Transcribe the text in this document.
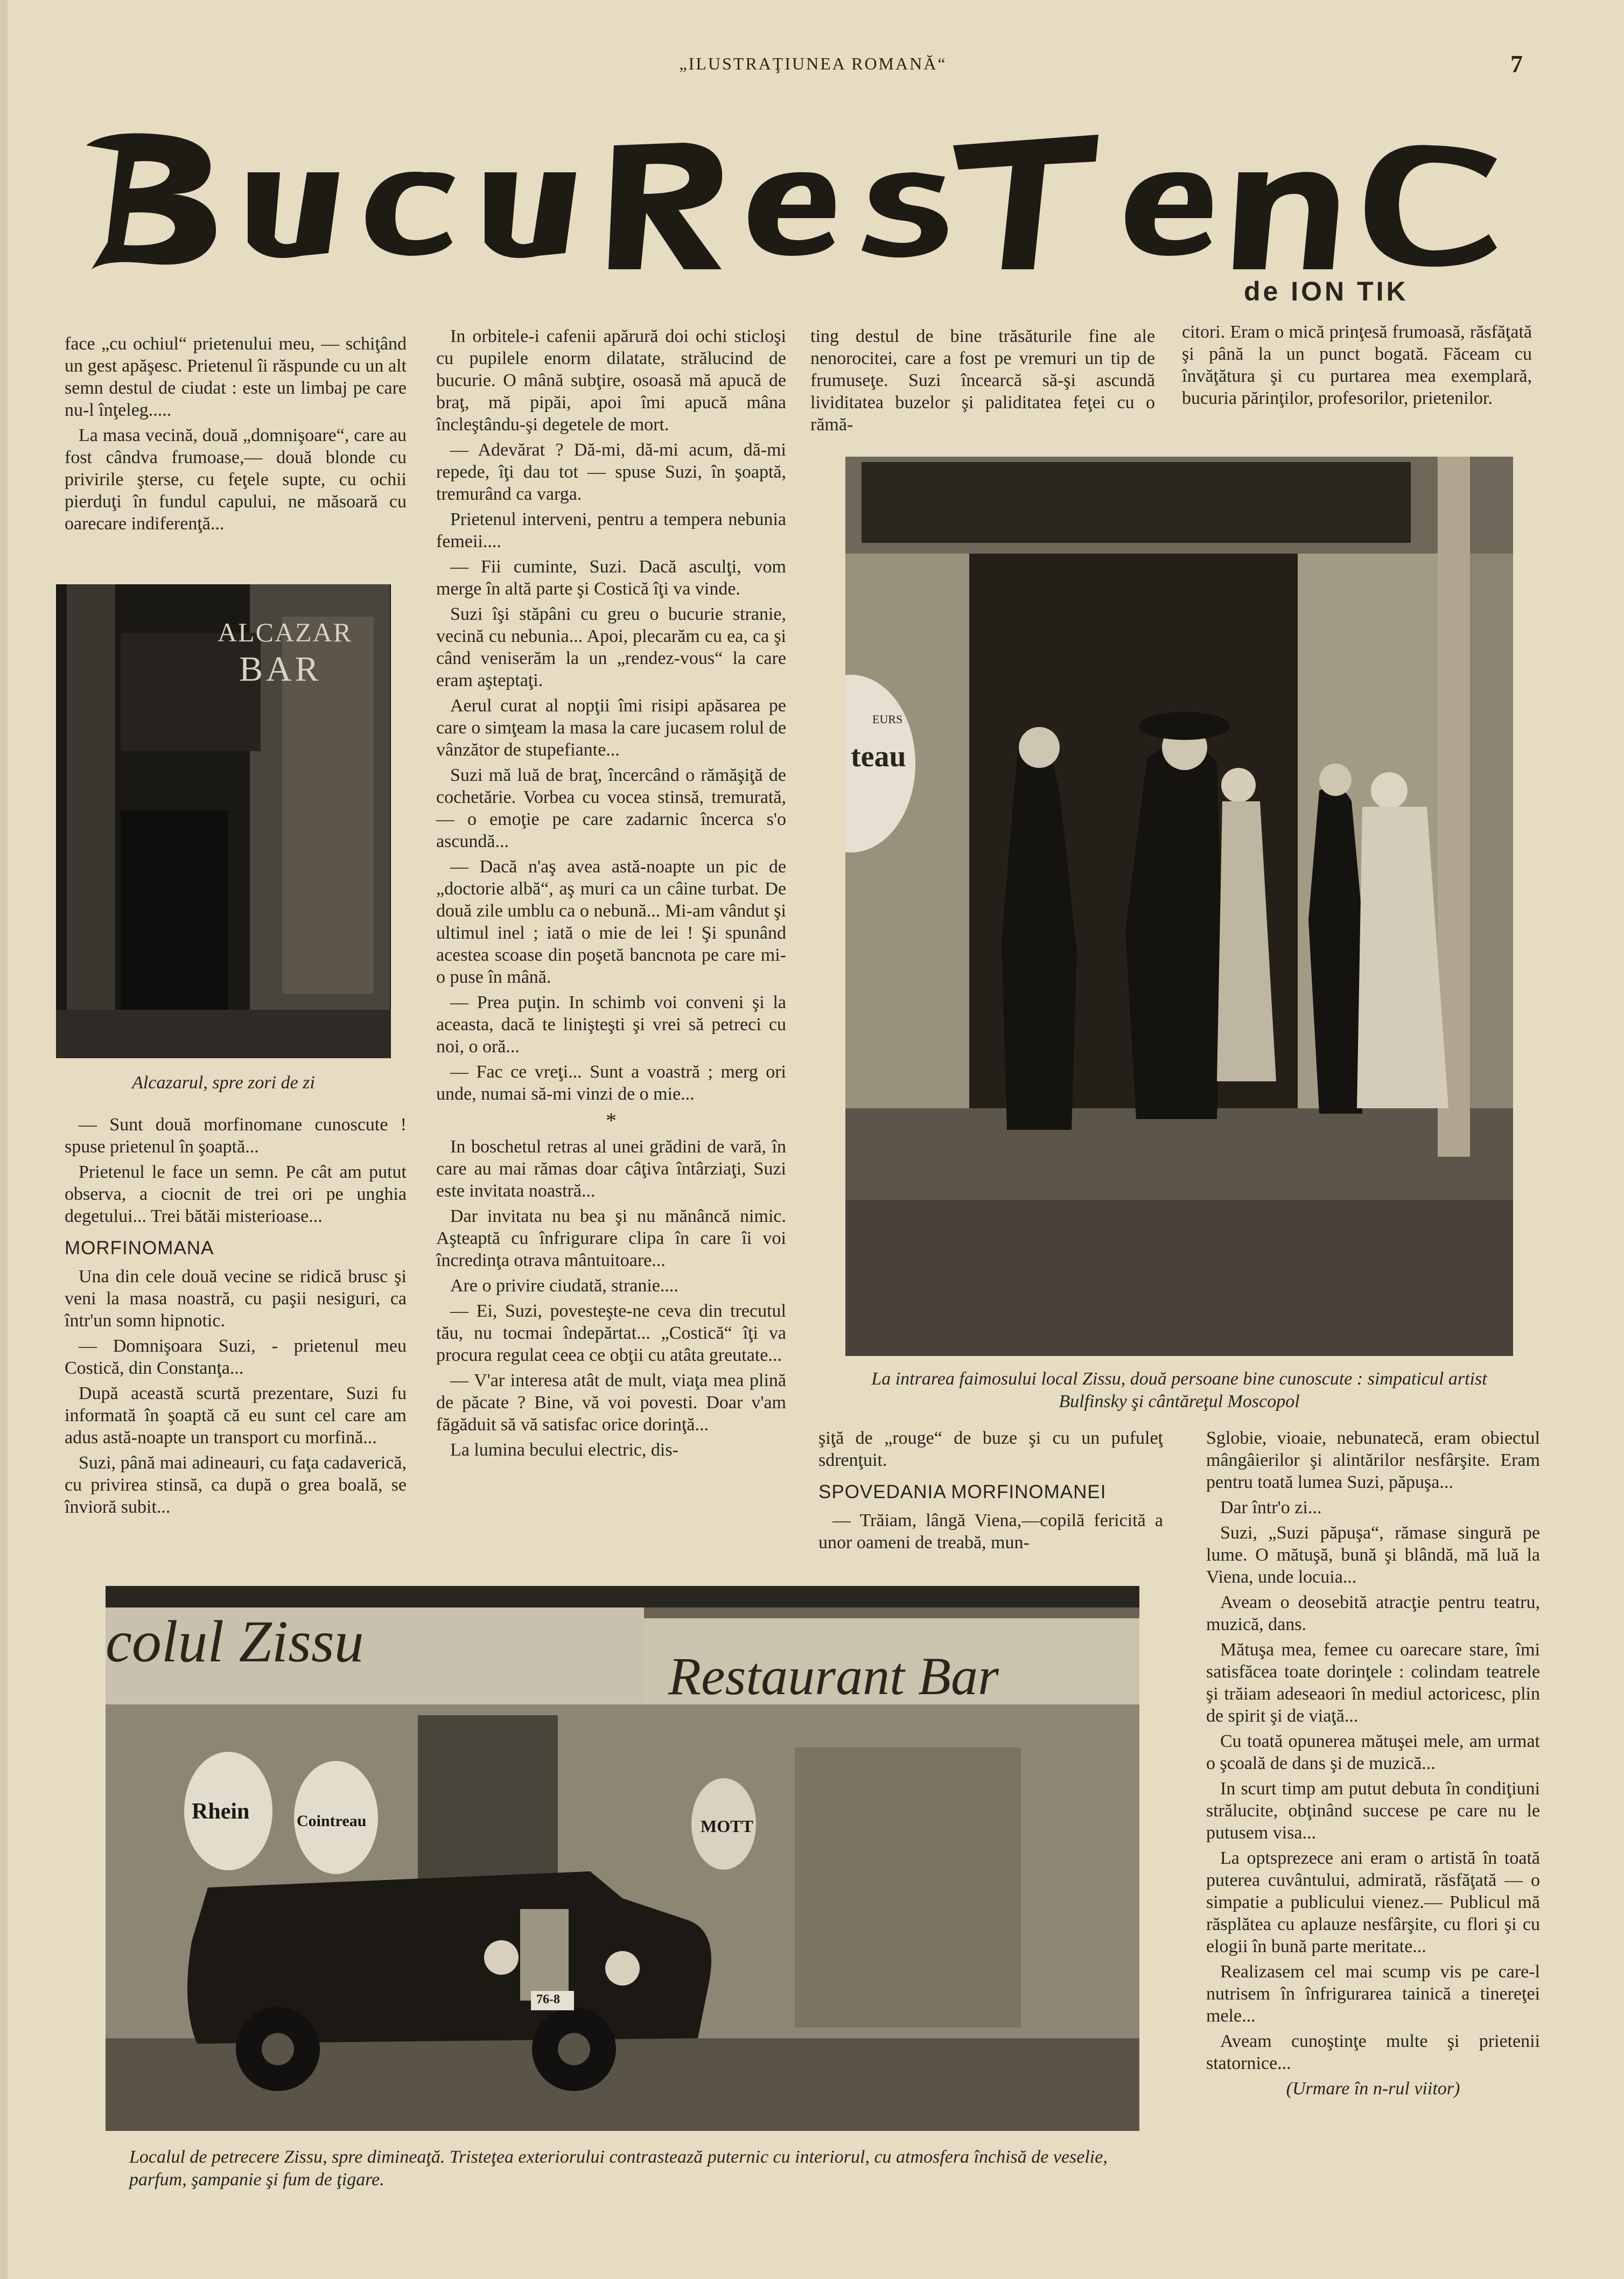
„ILUSTRAŢIUNEA ROMANĂ“	7
de ION TIK

face „cu ochiul“ prietenului meu, — schiţând un gest apăşesc. Prietenul îi răspunde cu un alt semn destul de ciudat : este un limbaj pe care nu-l înţeleg.....

La masa vecină, două „domnişoare“, care au fost cândva frumoase,— două blonde cu privirile şterse, cu feţele supte, cu ochii pierduţi în fundul capului, ne măsoară cu oarecare indiferenţă...

ALCAZAR
BAR
Alcazarul, spre zori de zi

— Sunt două morfinomane cunoscute ! spuse prietenul în şoaptă...

Prietenul le face un semn. Pe cât am putut observa, a ciocnit de trei ori pe unghia degetului... Trei bătăi misterioase...

MORFINOMANA

Una din cele două vecine se ridică brusc şi veni la masa noastră, cu paşii nesiguri, ca într'un somn hipnotic.

— Domnişoara Suzi, - prietenul meu Costică, din Constanţa...

După această scurtă prezentare, Suzi fu informată în şoaptă că eu sunt cel care am adus astă-noapte un transport cu morfină...

Suzi, până mai adineauri, cu faţa cadaverică, cu privirea stinsă, ca după o grea boală, se învioră subit...

In orbitele-i cafenii apărură doi ochi sticloşi cu pupilele enorm dilatate, strălucind de bucurie. O mână subţire, osoasă mă apucă de braţ, mă pipăi, apoi îmi apucă mâna încleştându-şi degetele de mort.

— Adevărat ? Dă-mi, dă-mi acum, dă-mi repede, îţi dau tot — spuse Suzi, în şoaptă, tremurând ca varga.

Prietenul interveni, pentru a tempera nebunia femeii....

— Fii cuminte, Suzi. Dacă asculţi, vom merge în altă parte şi Costică îţi va vinde.

Suzi îşi stăpâni cu greu o bucurie stranie, vecină cu nebunia... Apoi, plecarăm cu ea, ca şi când veniserăm la un „rendez-vous“ la care eram aşteptaţi.

Aerul curat al nopţii îmi risipi apăsarea pe care o simţeam la masa la care jucasem rolul de vânzător de stupefiante...

Suzi mă luă de braţ, încercând o rămăşiţă de cochetărie. Vorbea cu vocea stinsă, tremurată, — o emoţie pe care zadarnic încerca s'o ascundă...

— Dacă n'aş avea astă-noapte un pic de „doctorie albă“, aş muri ca un câine turbat. De două zile umblu ca o nebună... Mi-am vândut şi ultimul inel ; iată o mie de lei ! Şi spunând acestea scoase din poşetă bancnota pe care mi-o puse în mână.

— Prea puţin. In schimb voi conveni şi la aceasta, dacă te linişteşti şi vrei să petreci cu noi, o oră...

— Fac ce vreţi... Sunt a voastră ; merg ori unde, numai să-mi vinzi de o mie...

*

In boschetul retras al unei grădini de vară, în care au mai rămas doar câţiva întârziaţi, Suzi este invitata noastră...

Dar invitata nu bea şi nu mănâncă nimic. Aşteaptă cu înfrigurare clipa în care îi voi încredinţa otrava mântuitoare...

Are o privire ciudată, stranie....

— Ei, Suzi, povesteşte-ne ceva din trecutul tău, nu tocmai îndepărtat... „Costică“ îţi va procura regulat ceea ce obţii cu atâta greutate...

— V'ar interesa atât de mult, viaţa mea plină de păcate ? Bine, vă voi povesti. Doar v'am făgăduit să vă satisfac orice dorinţă...

La lumina becului electric, dis-

ting destul de bine trăsăturile fine ale nenorocitei, care a fost pe vremuri un tip de frumuseţe. Suzi încearcă să-şi ascundă lividitatea buzelor şi paliditatea feţei cu o rămă-

citori. Eram o mică prinţesă frumoasă, răsfăţată şi până la un punct bogată. Făceam cu învăţătura şi cu purtarea mea exemplară, bucuria părinţilor, profesorilor, prietenilor.

teau
EURS
La intrarea faimosului local Zissu, două persoane bine cunoscute : simpaticul artist Bulfinsky şi cântăreţul Moscopol

şiţă de „rouge“ de buze şi cu un pufuleţ sdrenţuit.

SPOVEDANIA MORFINOMANEI

— Trăiam, lângă Viena,—copilă fericită a unor oameni de treabă, mun-

Sglobie, vioaie, nebunatecă, eram obiectul mângâierilor şi alintărilor nesfârşite. Eram pentru toată lumea Suzi, păpuşa...

Dar într'o zi...

Suzi, „Suzi păpuşa“, rămase singură pe lume. O mătuşă, bună şi blândă, mă luă la Viena, unde locuia...

Aveam o deosebită atracţie pentru teatru, muzică, dans.

Mătuşa mea, femee cu oarecare stare, îmi satisfăcea toate dorinţele : colindam teatrele şi trăiam adeseaori în mediul actoricesc, plin de spirit şi de viaţă...

Cu toată opunerea mătuşei mele, am urmat o şcoală de dans şi de muzică...

In scurt timp am putut debuta în condiţiuni strălucite, obţinând succese pe care nu le putusem visa...

La optsprezece ani eram o artistă în toată puterea cuvântului, admirată, răsfăţată — o simpatie a publicului vienez.— Publicul mă răsplătea cu aplauze nesfârşite, cu flori şi cu elogii în bună parte meritate...

Realizasem cel mai scump vis pe care-l nutrisem în înfrigurarea tainică a tinereţei mele...

Aveam cunoştinţe multe şi prietenii statornice...

(Urmare în n-rul viitor)
colul Zissu
Restaurant Bar
Rhein	Cointreau	MOTT
76-8
Localul de petrecere Zissu, spre dimineaţă. Tristeţea exteriorului contrastează puternic cu interiorul, cu atmosfera închisă de veselie, parfum, şampanie şi fum de ţigare.
